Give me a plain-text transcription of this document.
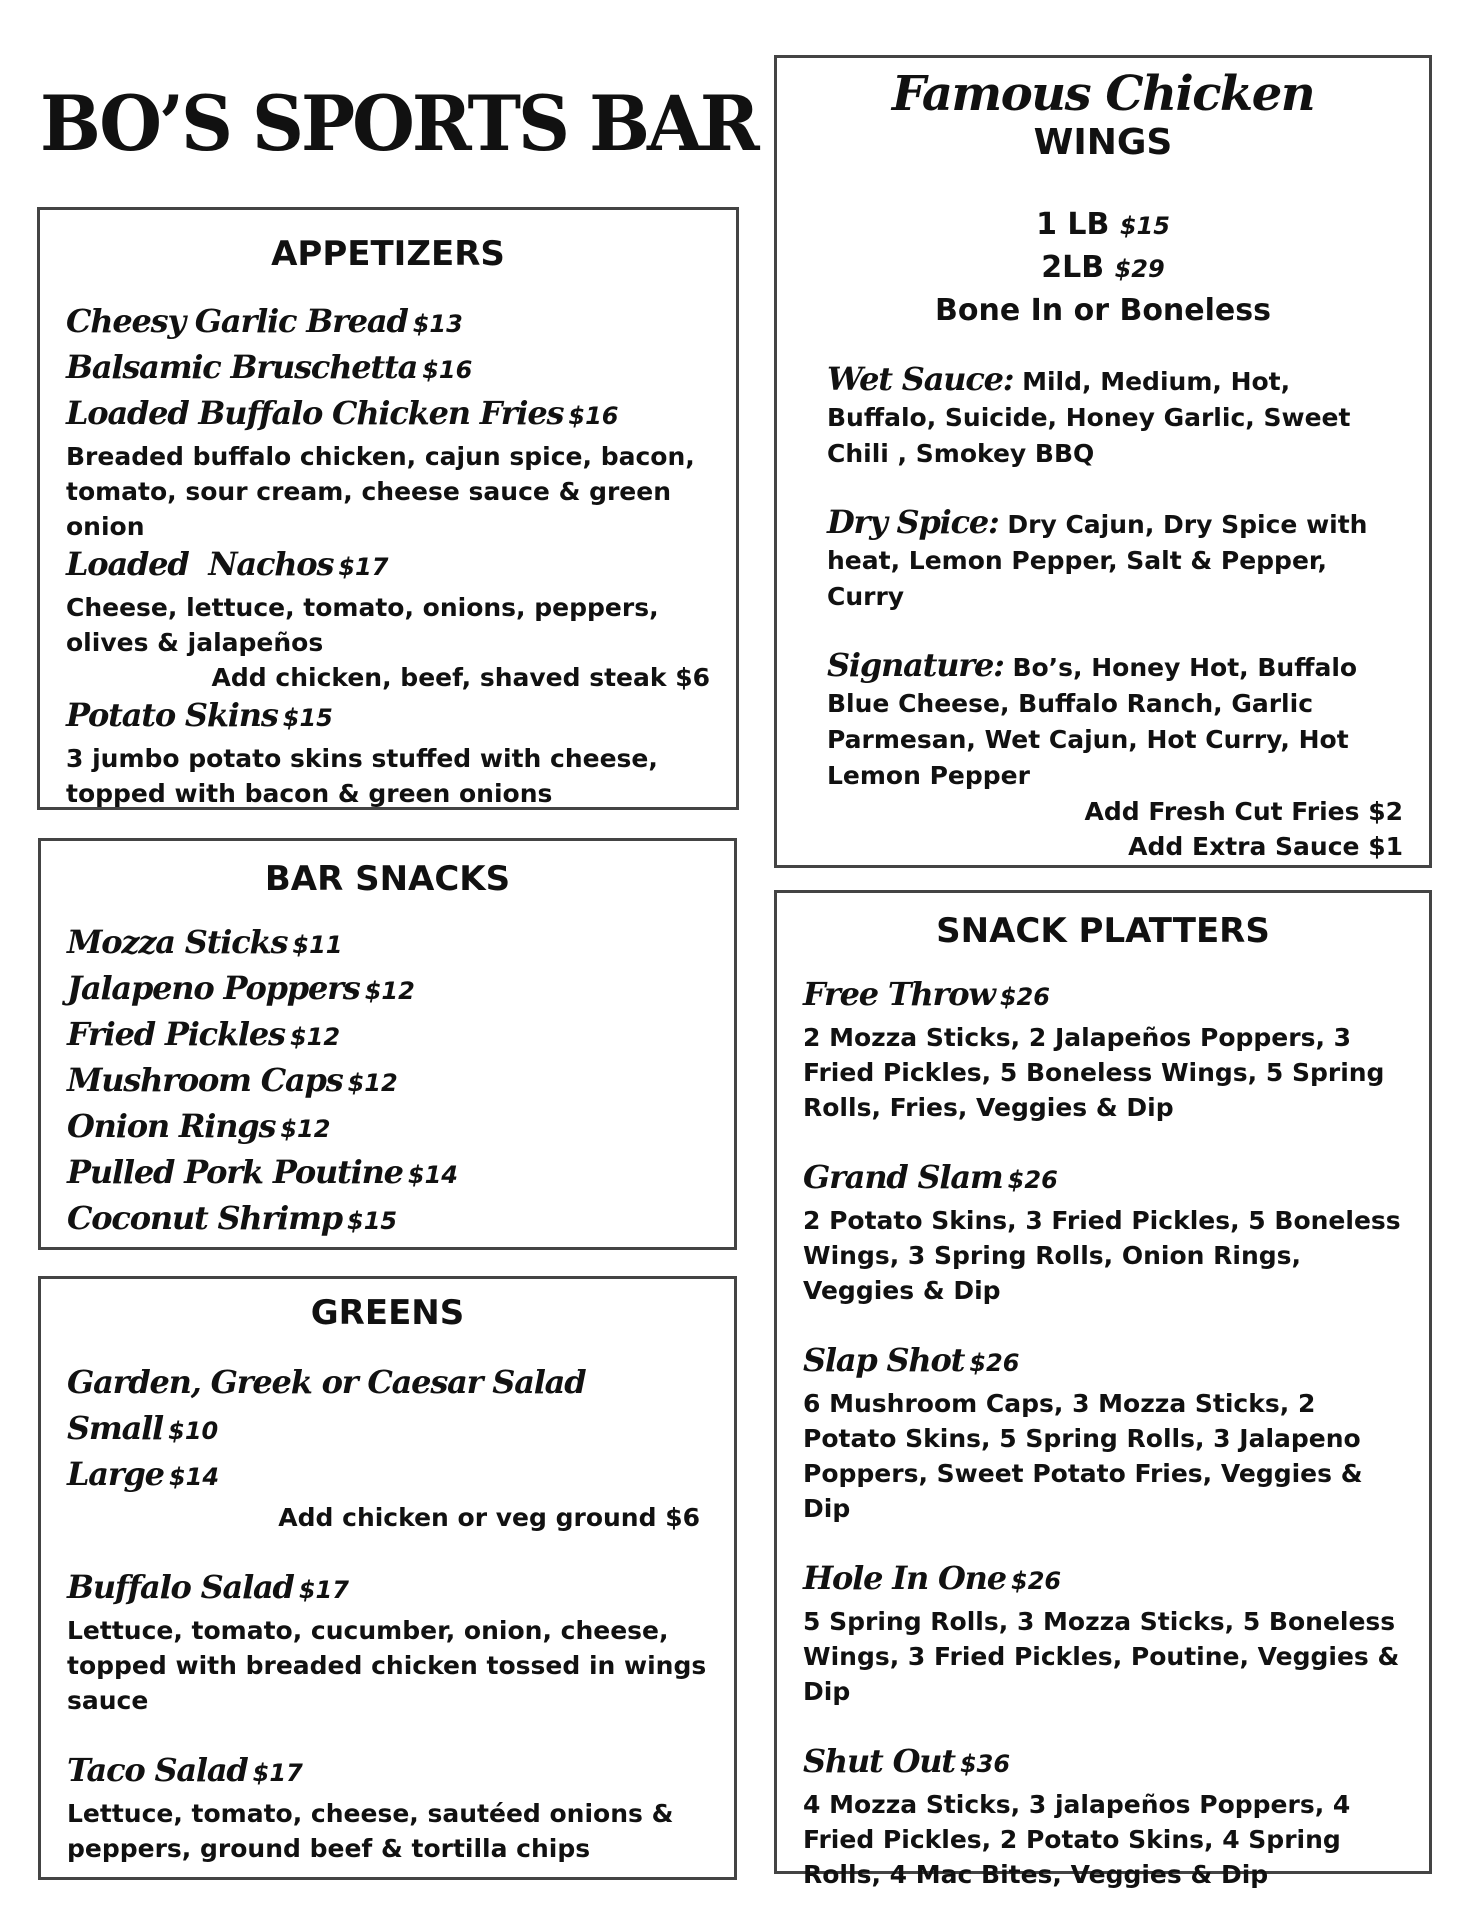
BO’S SPORTS BAR
APPETIZERS
Cheesy Garlic Bread $13
Balsamic Bruschetta $16
Loaded Buffalo Chicken Fries $16
Breaded buffalo chicken, cajun spice, bacon, tomato, sour cream, cheese sauce & green onion
Loaded  Nachos $17
Cheese, lettuce, tomato, onions, peppers, olives & jalapeños
Add chicken, beef, shaved steak $6
Potato Skins $15
3 jumbo potato skins stuffed with cheese, topped with bacon & green onions
BAR SNACKS
Mozza Sticks $11
Jalapeno Poppers $12
Fried Pickles $12
Mushroom Caps $12
Onion Rings $12
Pulled Pork Poutine $14
Coconut Shrimp $15
GREENS
Garden, Greek or Caesar Salad
Small $10
Large $14
Add chicken or veg ground $6
Buffalo Salad $17
Lettuce, tomato, cucumber, onion, cheese, topped with breaded chicken tossed in wings sauce
Taco Salad $17
Lettuce, tomato, cheese, sautéed onions & peppers, ground beef & tortilla chips
Famous Chicken
WINGS
1 LB $15
2LB $29
Bone In or Boneless
Wet Sauce: Mild, Medium, Hot, Buffalo, Suicide, Honey Garlic, Sweet Chili , Smokey BBQ
Dry Spice: Dry Cajun, Dry Spice with heat, Lemon Pepper, Salt & Pepper, Curry
Signature: Bo’s, Honey Hot, Buffalo Blue Cheese, Buffalo Ranch, Garlic Parmesan, Wet Cajun, Hot Curry, Hot Lemon Pepper
Add Fresh Cut Fries $2
Add Extra Sauce $1
SNACK PLATTERS
Free Throw $26
2 Mozza Sticks, 2 Jalapeños Poppers, 3 Fried Pickles, 5 Boneless Wings, 5 Spring Rolls, Fries, Veggies & Dip
Grand Slam $26
2 Potato Skins, 3 Fried Pickles, 5 Boneless Wings, 3 Spring Rolls, Onion Rings, Veggies & Dip
Slap Shot $26
6 Mushroom Caps, 3 Mozza Sticks, 2 Potato Skins, 5 Spring Rolls, 3 Jalapeno Poppers, Sweet Potato Fries, Veggies & Dip
Hole In One $26
5 Spring Rolls, 3 Mozza Sticks, 5 Boneless Wings, 3 Fried Pickles, Poutine, Veggies & Dip
Shut Out $36
4 Mozza Sticks, 3 jalapeños Poppers, 4 Fried Pickles, 2 Potato Skins, 4 Spring Rolls, 4 Mac Bites, Veggies & Dip
